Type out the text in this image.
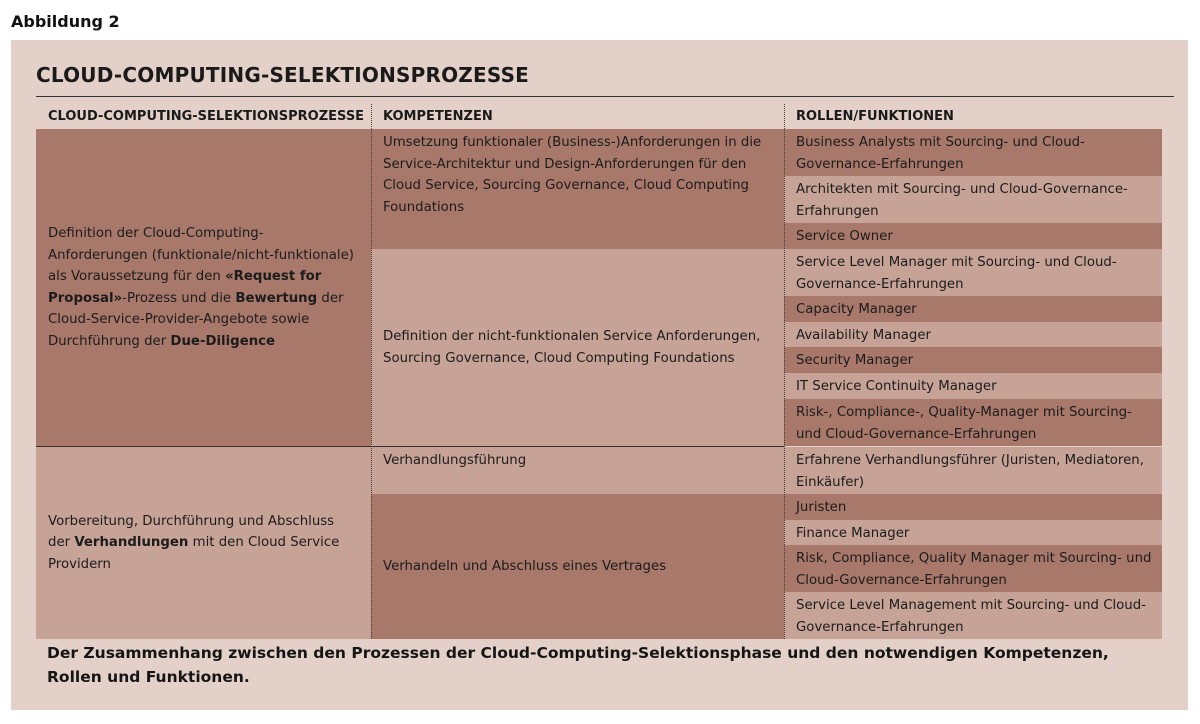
Abbildung 2
CLOUD-COMPUTING-SELEKTIONSPROZESSE
CLOUD-COMPUTING-SELEKTIONSPROZESSE	KOMPETENZEN	ROLLEN/FUNKTIONEN
Definition der Cloud-Computing-Anforderungen (funktionale/nicht-funktionale) als Voraussetzung für den «Request for Proposal»-Prozess und die Bewertung der Cloud-Service-Provider-Angebote sowie Durchführung der Due-Diligence
Vorbereitung, Durchführung und Abschluss der Verhandlungen mit den Cloud Service Providern
Umsetzung funktionaler (Business-)Anforderungen in die Service-Architektur und Design-Anforderungen für den Cloud Service, Sourcing Governance, Cloud Computing Foundations
Definition der nicht-funktionalen Service Anforderungen, Sourcing Governance, Cloud Computing Foundations
Verhandlungsführung
Verhandeln und Abschluss eines Vertrages
Business Analysts mit Sourcing- und Cloud-Governance-Erfahrungen
Architekten mit Sourcing- und Cloud-Governance-Erfahrungen
Service Owner
Service Level Manager mit Sourcing- und Cloud-Governance-Erfahrungen
Capacity Manager
Availability Manager
Security Manager
IT Service Continuity Manager
Risk-, Compliance-, Quality-Manager mit Sourcing- und Cloud-Governance-Erfahrungen
Erfahrene Verhandlungsführer (Juristen, Mediatoren, Einkäufer)
Juristen
Finance Manager
Risk, Compliance, Quality Manager mit Sourcing- und Cloud-Governance-Erfahrungen
Service Level Management mit Sourcing- und Cloud-Governance-Erfahrungen
Der Zusammenhang zwischen den Prozessen der Cloud-Computing-Selektionsphase und den notwendigen Kompetenzen, Rollen und Funktionen.
